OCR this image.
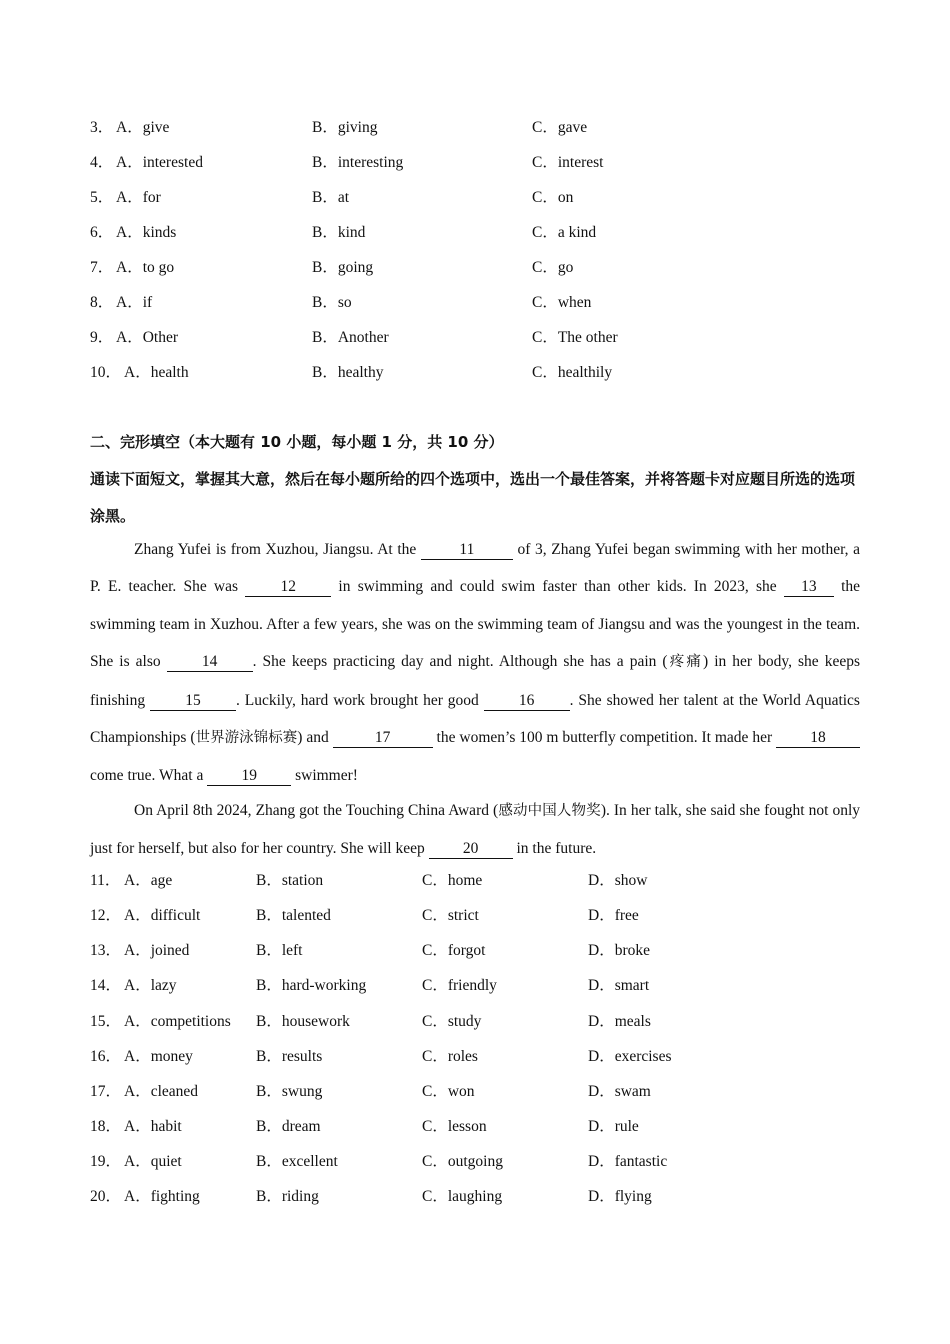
3． A．give	B．giving	C．gave
4． A．interested	B．interesting	C．interest
5． A．for	B．at	C．on
6． A．kinds	B．kind	C．a kind
7． A．to go	B．going	C．go
8． A．if	B．so	C．when
9． A．Other	B．Another	C．The other
10． A．health	B．healthy	C．healthily
二、完形填空（本大题有 10 小题，每小题 1 分，共 10 分）
通读下面短文，掌握其大意，然后在每小题所给的四个选项中，选出一个最佳答案，并将答题卡对应题目所选的选项涂黑。

Zhang Yufei is from Xuzhou, Jiangsu. At the 11 of 3, Zhang Yufei began swimming with her mother, a P. E. teacher. She was 12 in swimming and could swim faster than other kids. In 2023, she 13 the swimming team in Xuzhou. After a few years, she was on the swimming team of Jiangsu and was the youngest in the team. She is also 14 . She keeps practicing day and night. Although she has a pain (疼痛) in her body, she keeps finishing 15 . Luckily, hard work brought her good 16 . She showed her talent at the World Aquatics Championships (世界游泳锦标赛) and	17	the women’s 100 m butterfly competition. It made her 18 come true. What a 19 swimmer!

On April 8th 2024, Zhang got the Touching China Award (感动中国人物奖). In her talk, she said she fought not only just for herself, but also for her country. She will keep 20 in the future.

11． A．age	B．station	C．home	D．show
12． A．difficult	B．talented	C．strict	D．free
13． A．joined	B．left	C．forgot	D．broke
14． A．lazy	B．hard-working	C．friendly	D．smart
15． A．competitions B．housework	C．study	D．meals
16． A．money	B．results	C．roles	D．exercises
17． A．cleaned	B．swung	C．won	D．swam
18． A．habit	B．dream	C．lesson	D．rule
19． A．quiet	B．excellent	C．outgoing	D．fantastic
20． A．fighting	B．riding	C．laughing	D．flying
